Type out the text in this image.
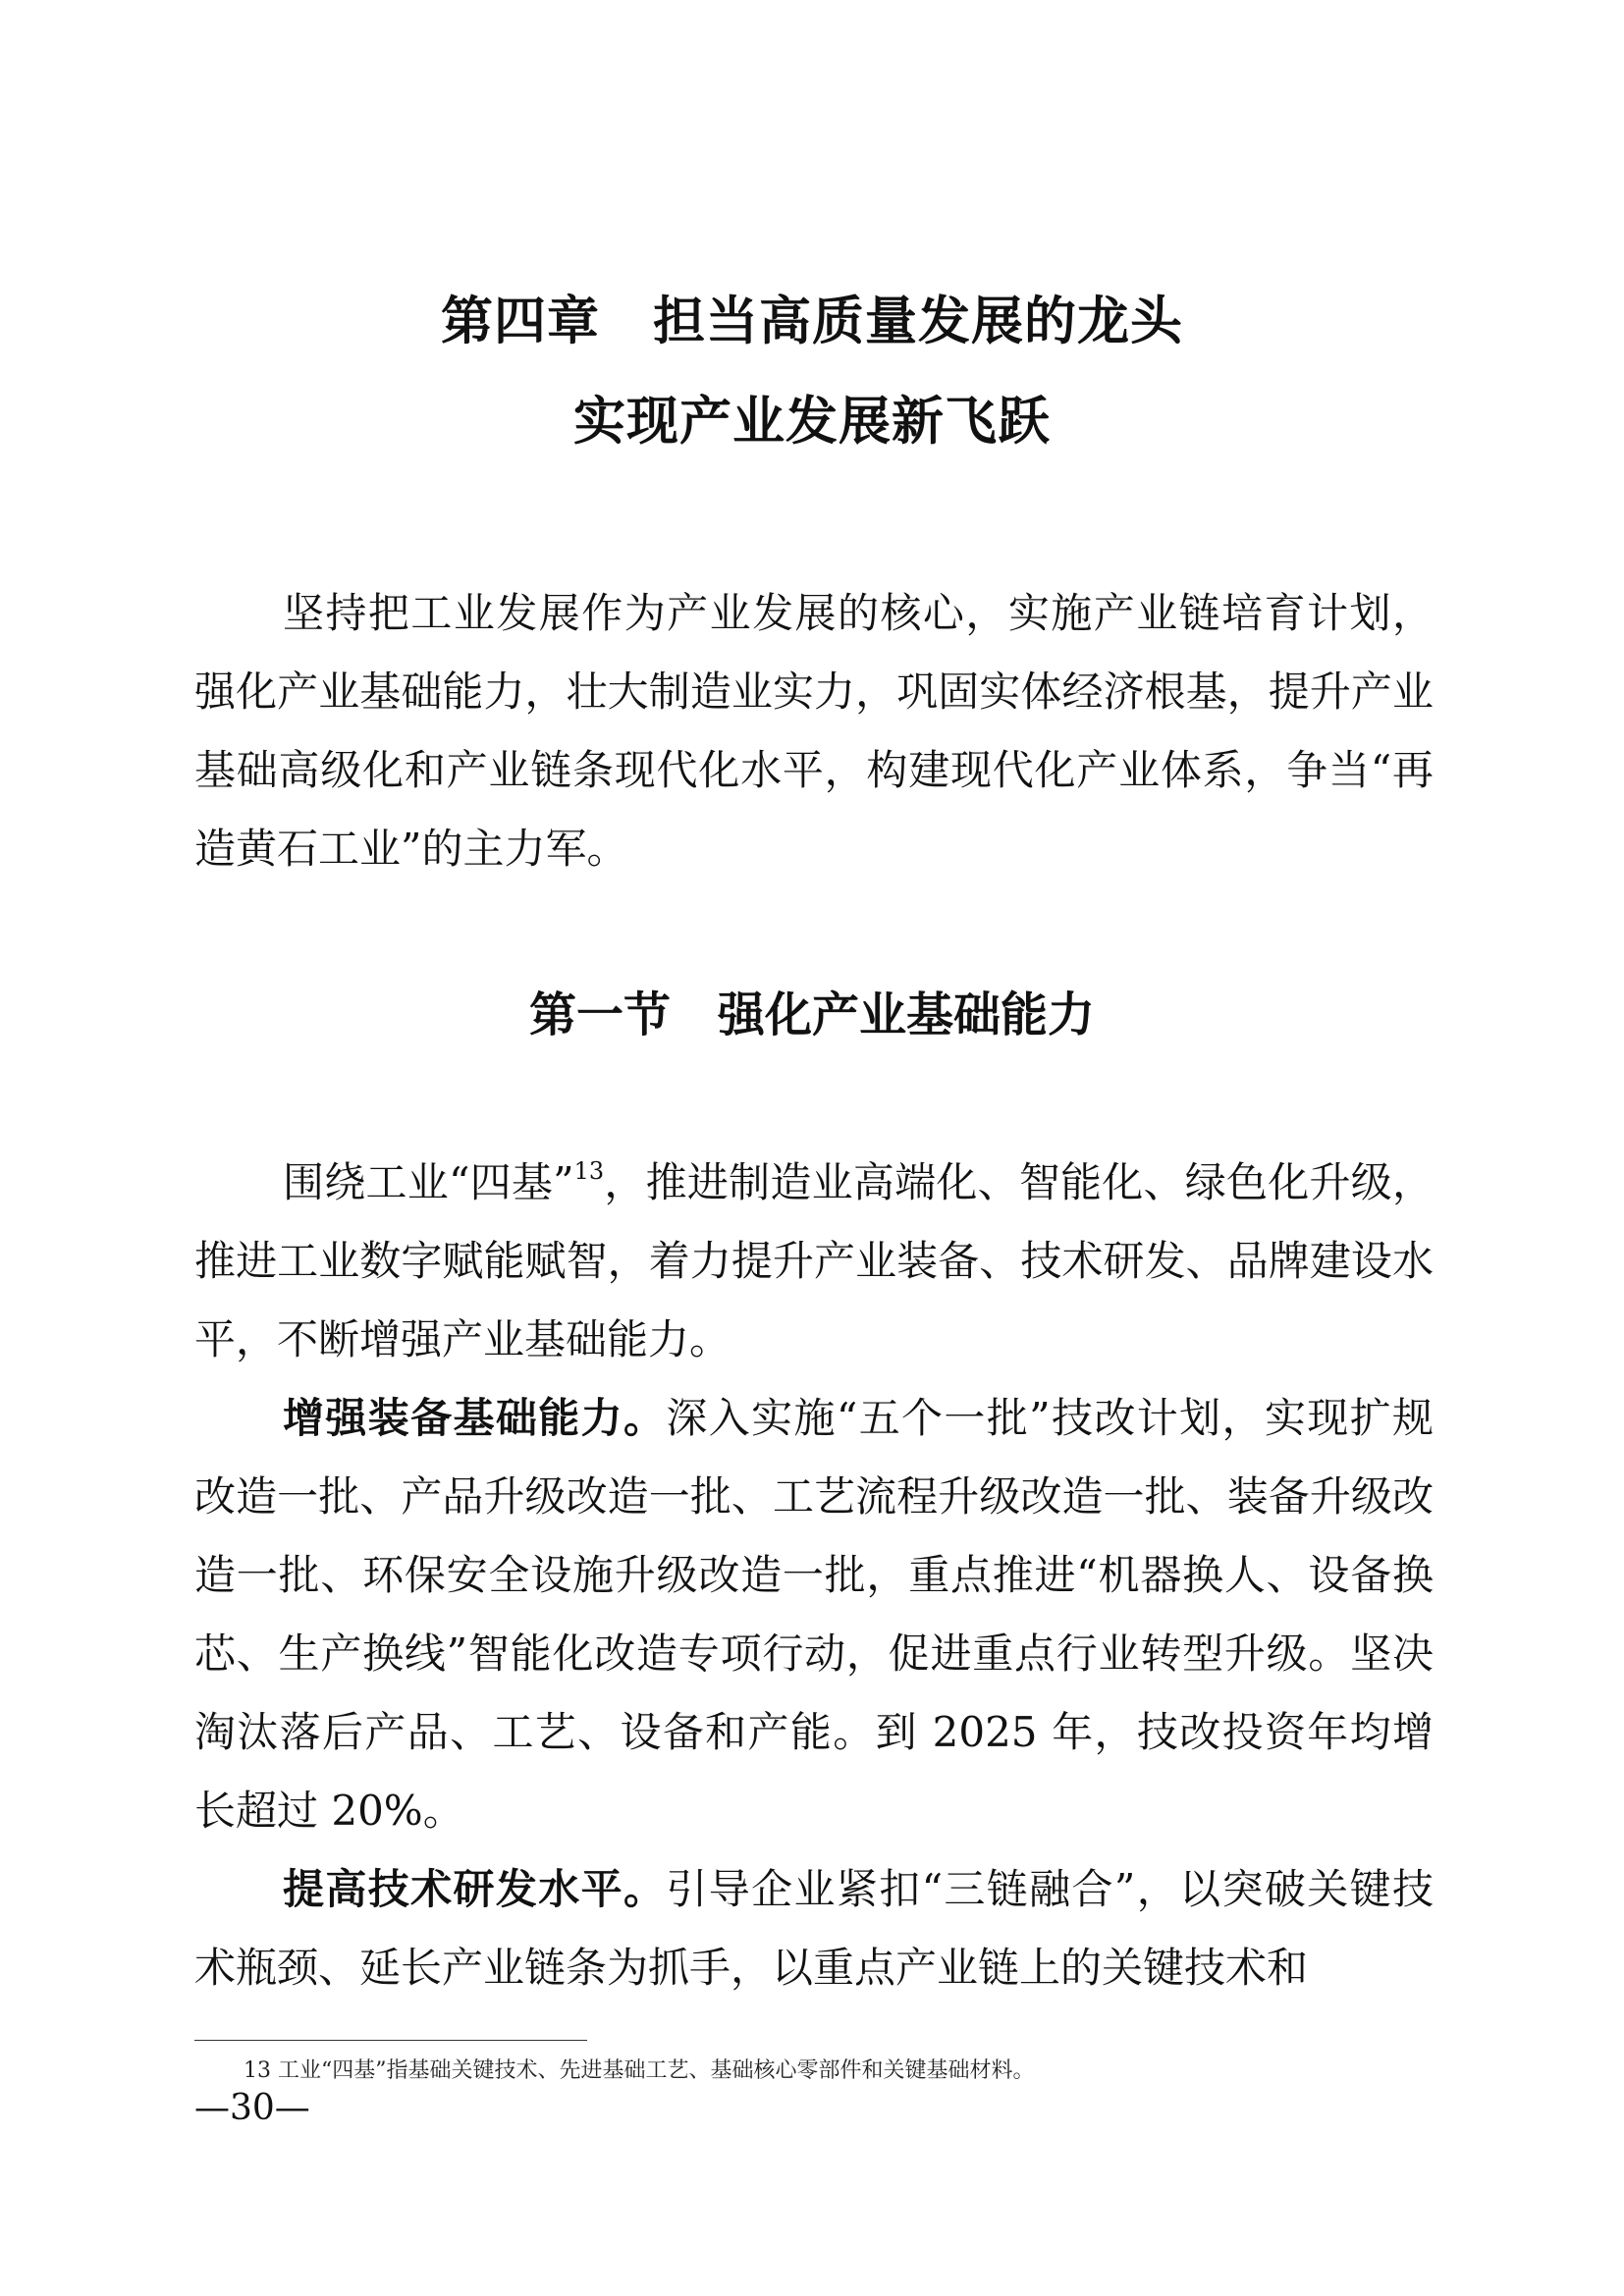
第四章　担当高质量发展的龙头
实现产业发展新飞跃
坚持把工业发展作为产业发展的核心，实施产业链培育计划，强化产业基础能力，壮大制造业实力，巩固实体经济根基，提升产业基础高级化和产业链条现代化水平，构建现代化产业体系，争当“再造黄石工业”的主力军。
第一节　强化产业基础能力
围绕工业“四基”$^{13}$，推进制造业高端化、智能化、绿色化升级，推进工业数字赋能赋智，着力提升产业装备、技术研发、品牌建设水平，不断增强产业基础能力。
增强装备基础能力。深入实施“五个一批”技改计划，实现扩规改造一批、产品升级改造一批、工艺流程升级改造一批、装备升级改造一批、环保安全设施升级改造一批，重点推进“机器换人、设备换芯、生产换线”智能化改造专项行动，促进重点行业转型升级。坚决淘汰落后产品、工艺、设备和产能。到 2025 年，技改投资年均增长超过 20%。
提高技术研发水平。引导企业紧扣“三链融合”，以突破关键技术瓶颈、延长产业链条为抓手，以重点产业链上的关键技术和
13 工业“四基”指基础关键技术、先进基础工艺、基础核心零部件和关键基础材料。
—30—
